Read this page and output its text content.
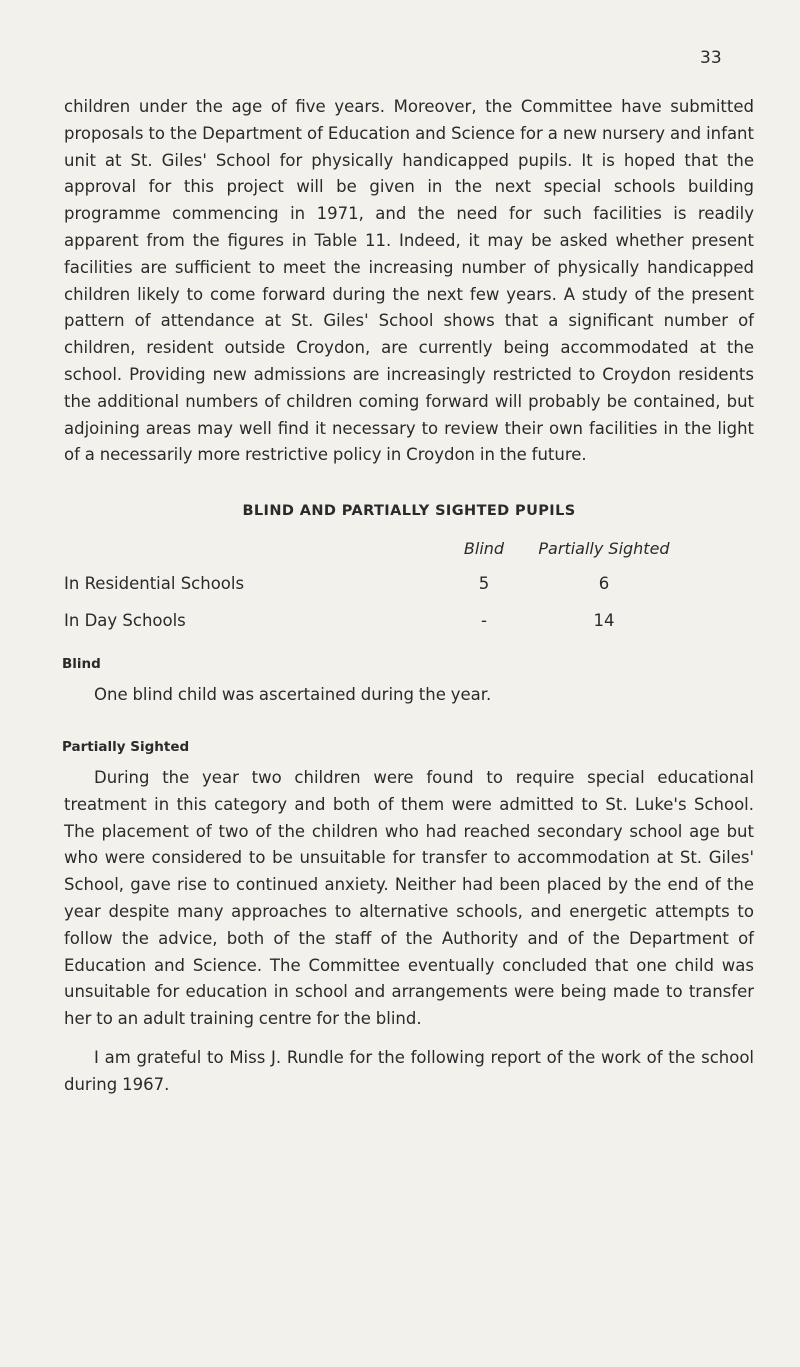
33

children under the age of five years. Moreover, the Committee have submitted proposals to the Department of Education and Science for a new nursery and infant unit at St. Giles' School for physically handicapped pupils. It is hoped that the approval for this project will be given in the next special schools building programme commencing in 1971, and the need for such facilities is readily apparent from the figures in Table 11. Indeed, it may be asked whether present facilities are sufficient to meet the increasing number of physically handicapped children likely to come forward during the next few years. A study of the present pattern of attendance at St. Giles' School shows that a significant number of children, resident outside Croydon, are currently being accommodated at the school. Providing new admissions are increasingly restricted to Croydon residents the additional numbers of children coming forward will probably be contained, but adjoining areas may well find it necessary to review their own facilities in the light of a necessarily more restrictive policy in Croydon in the future.

BLIND AND PARTIALLY SIGHTED PUPILS
	Blind	Partially Sighted
In Residential Schools	5	6
In Day Schools	-	14
Blind

One blind child was ascertained during the year.

Partially Sighted

During the year two children were found to require special educational treatment in this category and both of them were admitted to St. Luke's School. The placement of two of the children who had reached secondary school age but who were considered to be unsuitable for transfer to accommodation at St. Giles' School, gave rise to continued anxiety. Neither had been placed by the end of the year despite many approaches to alternative schools, and energetic attempts to follow the advice, both of the staff of the Authority and of the Department of Education and Science. The Committee eventually concluded that one child was unsuitable for education in school and arrangements were being made to transfer her to an adult training centre for the blind.

I am grateful to Miss J. Rundle for the following report of the work of the school during 1967.
